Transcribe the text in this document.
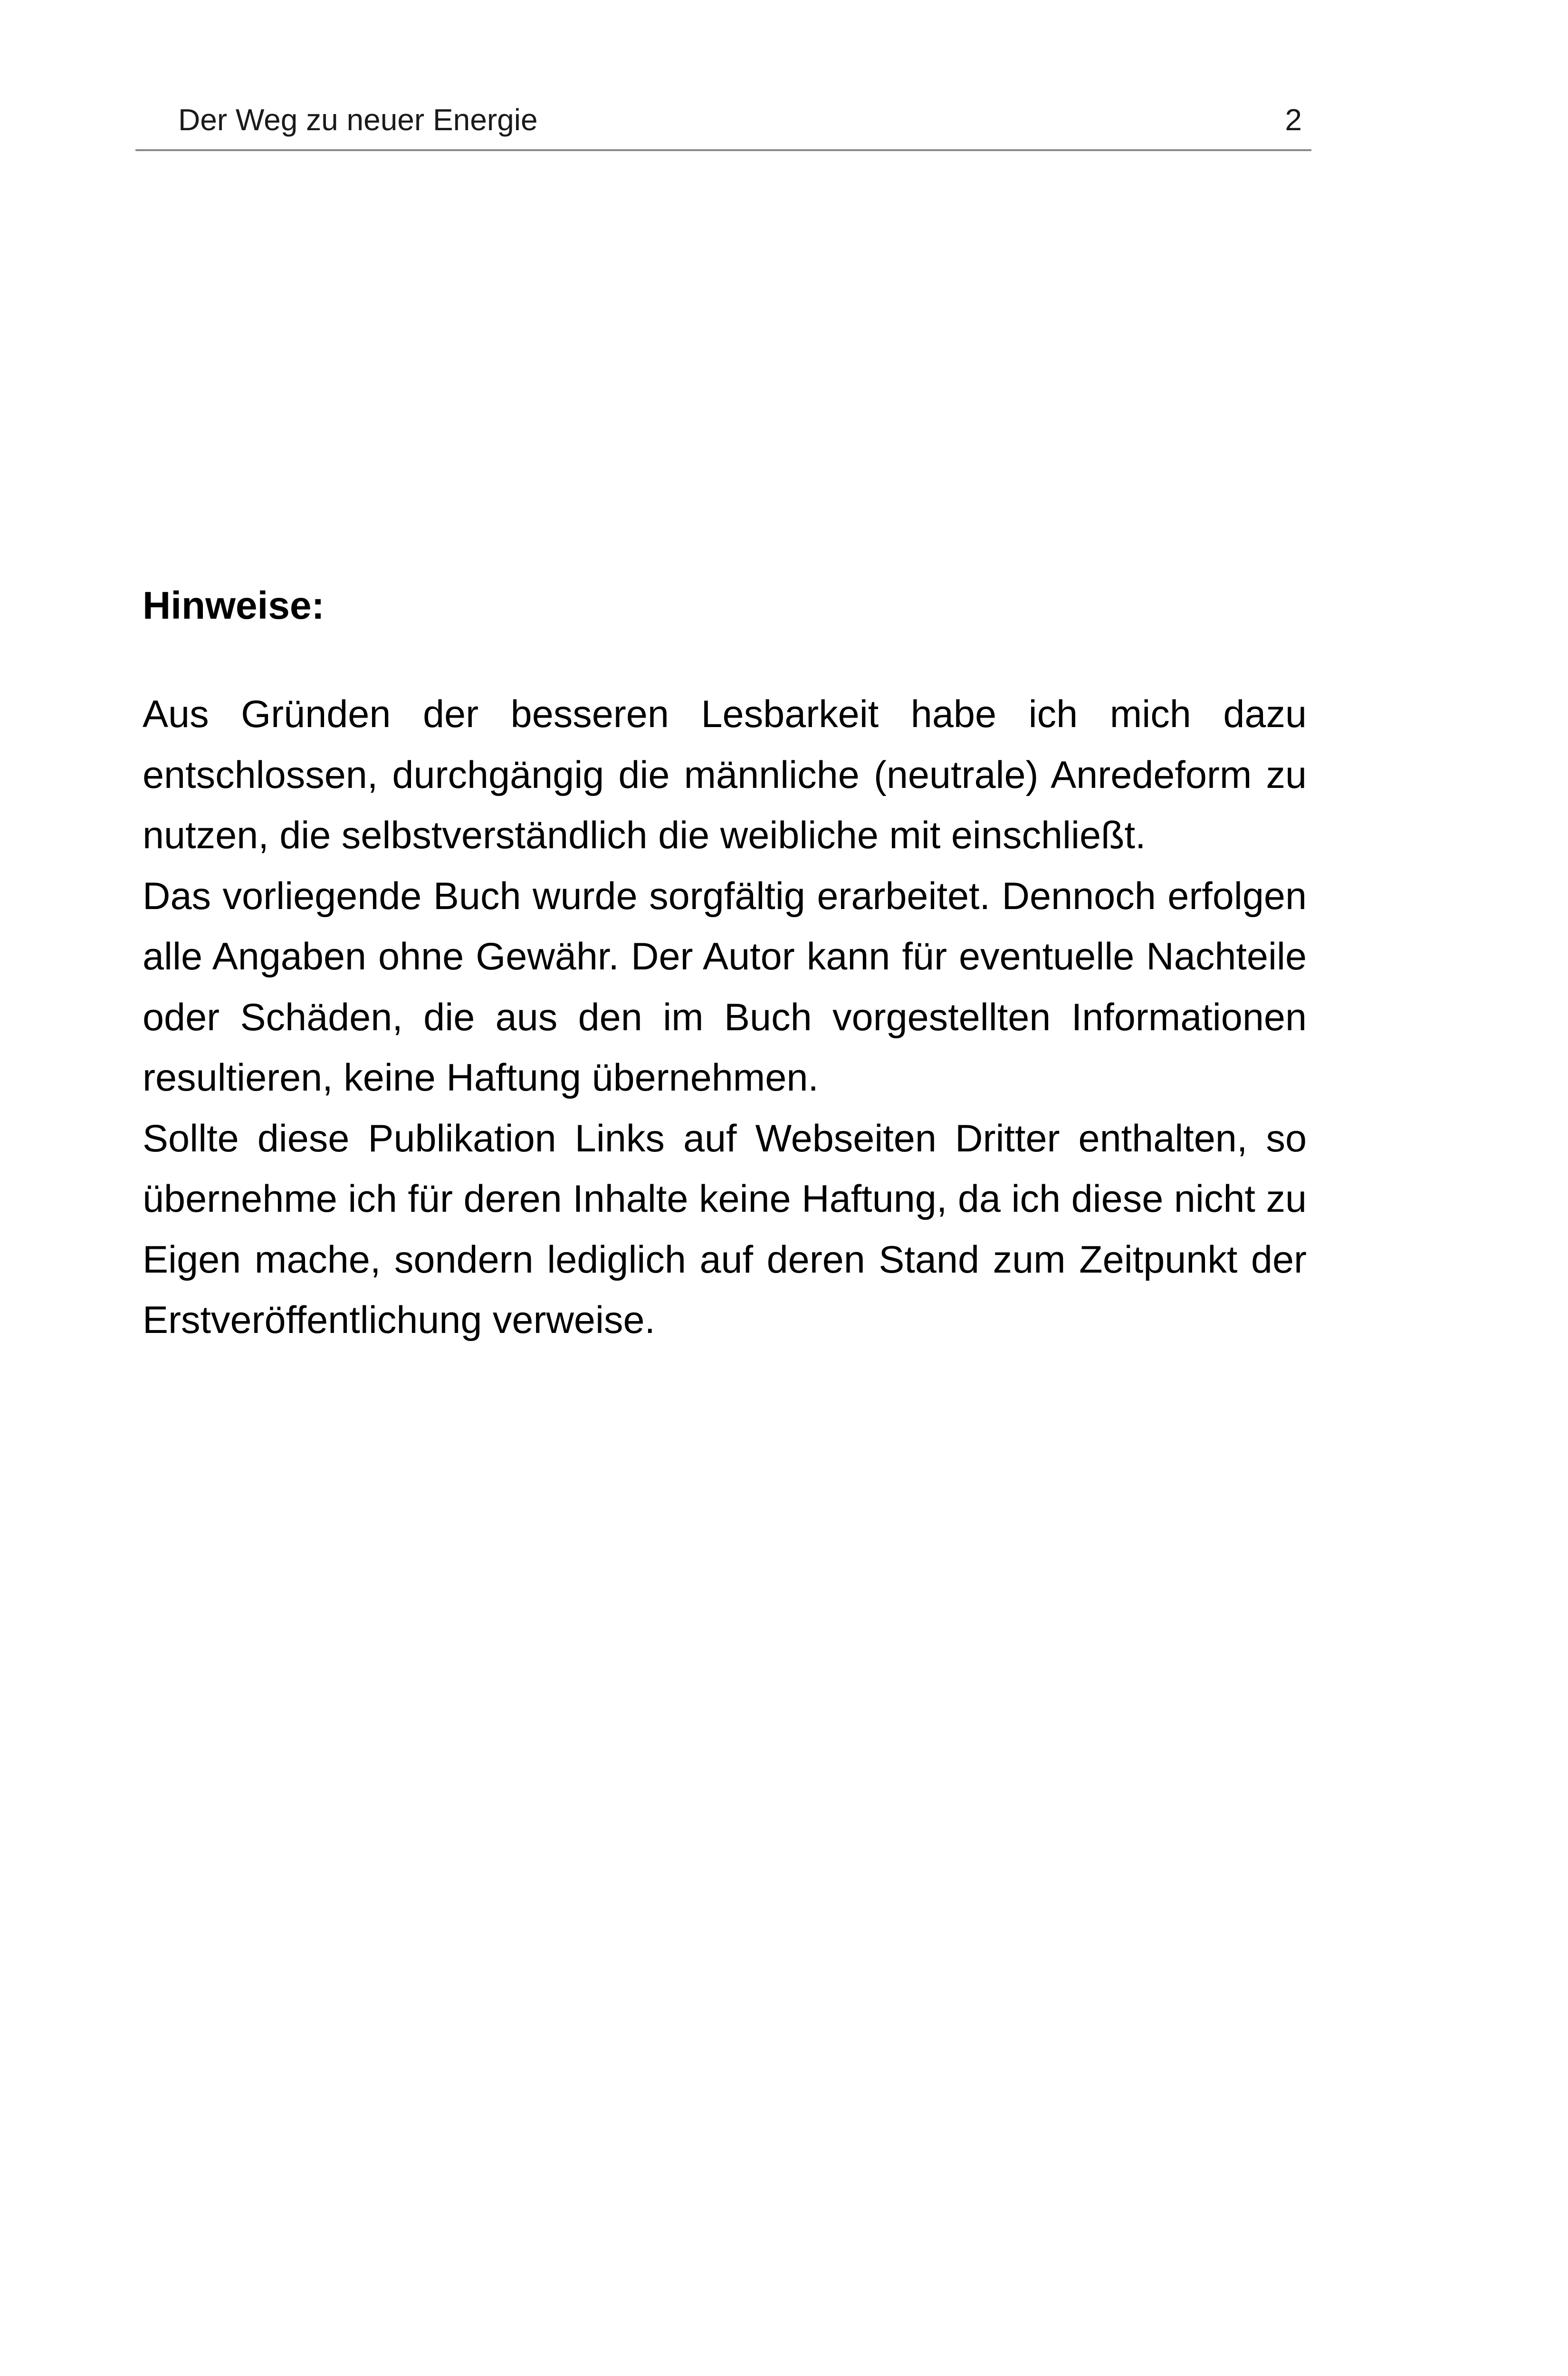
Der Weg zu neuer Energie	2
Hinweise:

Aus Gründen der besseren Lesbarkeit habe ich mich dazu entschlossen, durchgängig die männliche (neutrale) Anredeform zu nutzen, die selbstverständlich die weibliche mit einschließt.

Das vorliegende Buch wurde sorgfältig erarbeitet. Dennoch erfolgen alle Angaben ohne Gewähr. Der Autor kann für eventuelle Nachteile oder Schäden, die aus den im Buch vorgestellten Informationen resultieren, keine Haftung übernehmen.

Sollte diese Publikation Links auf Webseiten Dritter enthalten, so übernehme ich für deren Inhalte keine Haftung, da ich diese nicht zu Eigen mache, sondern lediglich auf deren Stand zum Zeitpunkt der Erstveröffentlichung verweise.
